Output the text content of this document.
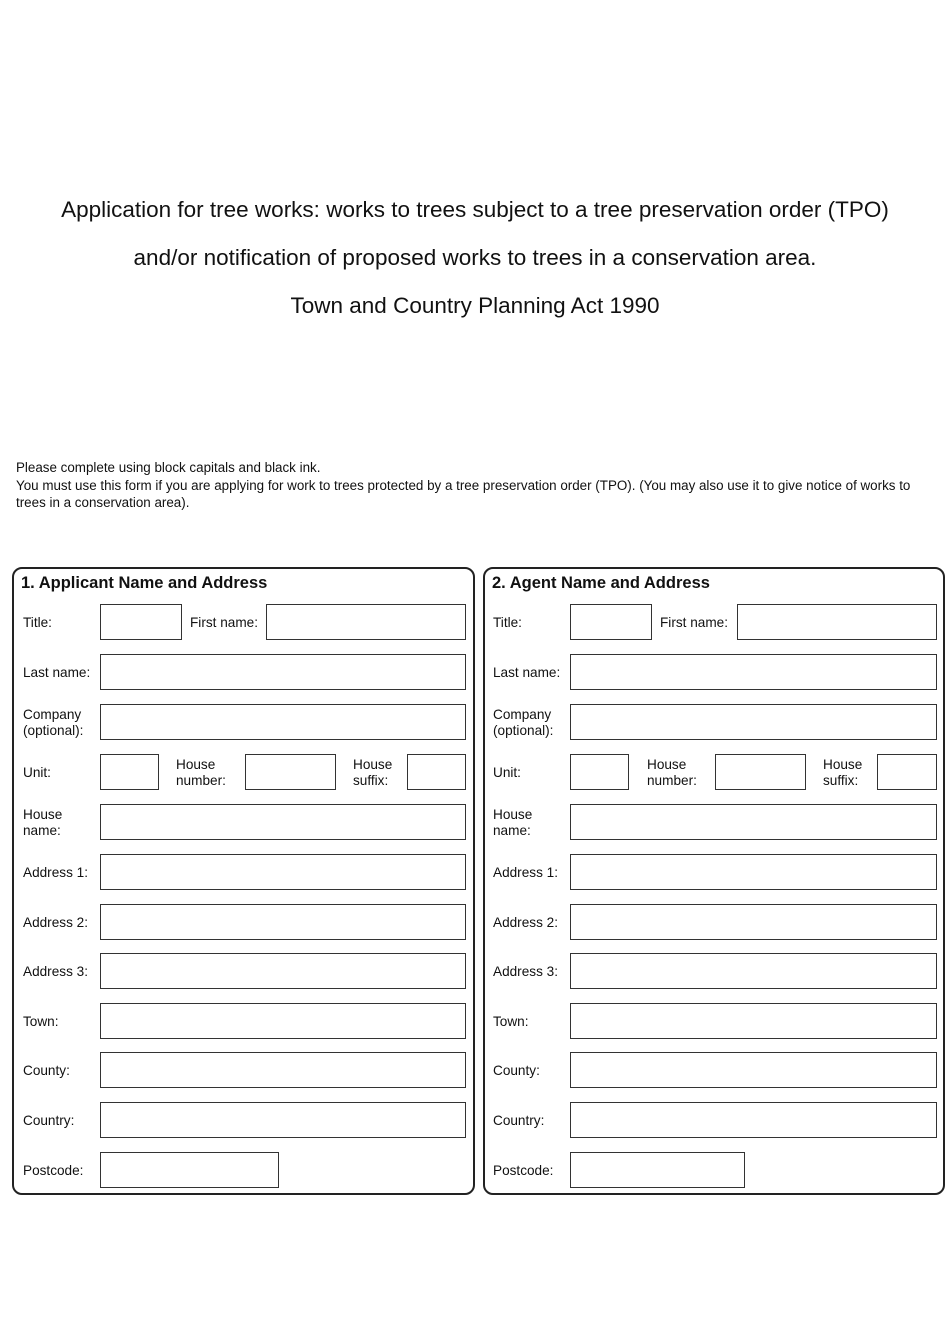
Application for tree works: works to trees subject to a tree preservation order (TPO)

and/or notification of proposed works to trees in a conservation area.

Town and Country Planning Act 1990

Please complete using block capitals and black ink.

You must use this form if you are applying for work to trees protected by a tree preservation order (TPO). (You may also use it to give notice of works to trees in a conservation area).

1. Applicant Name and Address
Title:	First name:
Last name:
Company
(optional):
Unit:
House
number:
House
suffix:
House
name:
Address 1:
Address 2:
Address 3:
Town:
County:
Country:
Postcode:
2. Agent Name and Address
Title:	First name:
Last name:
Company
(optional):
Unit:
House
number:
House
suffix:
House
name:
Address 1:
Address 2:
Address 3:
Town:
County:
Country:
Postcode:
